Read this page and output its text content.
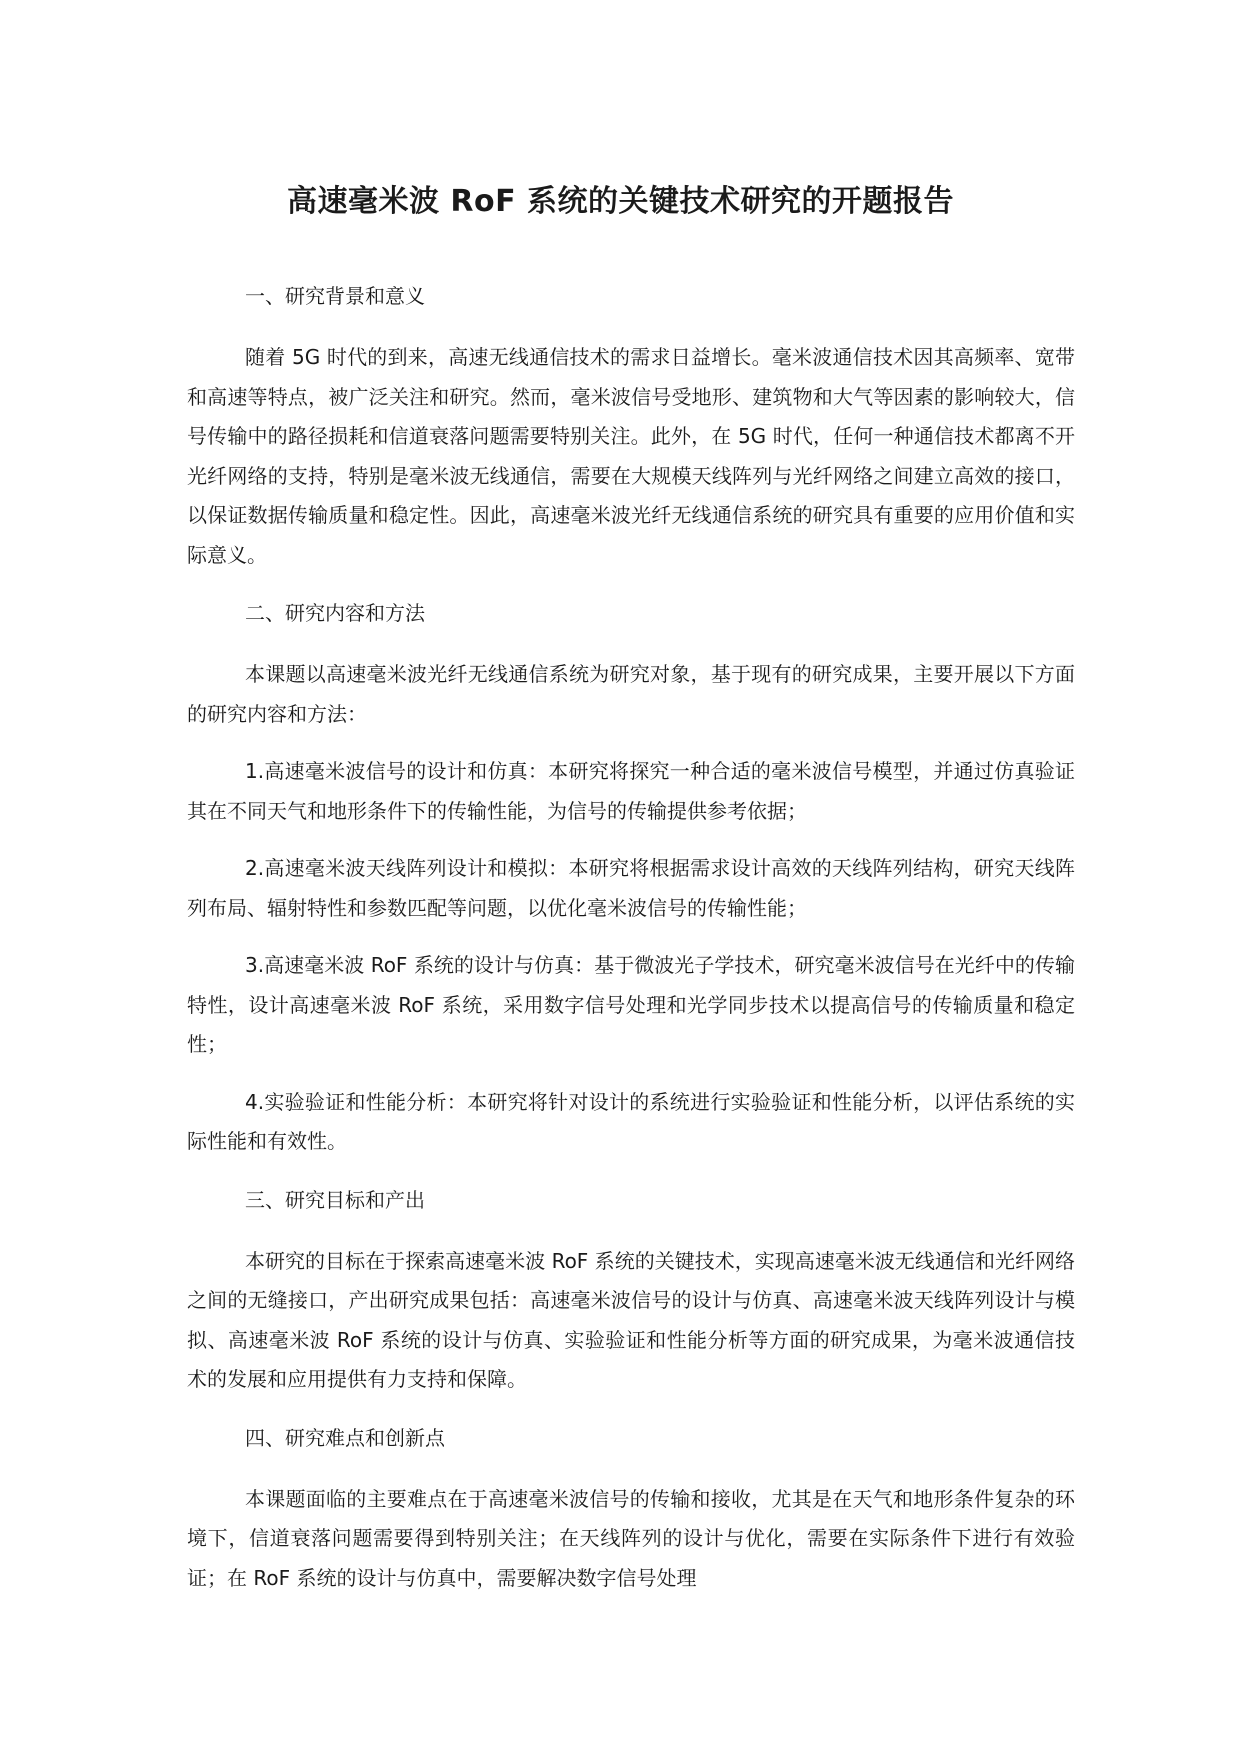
高速毫米波 RoF 系统的关键技术研究的开题报告
一、研究背景和意义

随着 5G 时代的到来，高速无线通信技术的需求日益增长。毫米波通信技术因其高频率、宽带和高速等特点，被广泛关注和研究。然而，毫米波信号受地形、建筑物和大气等因素的影响较大，信号传输中的路径损耗和信道衰落问题需要特别关注。此外，在 5G 时代，任何一种通信技术都离不开光纤网络的支持，特别是毫米波无线通信，需要在大规模天线阵列与光纤网络之间建立高效的接口，以保证数据传输质量和稳定性。因此，高速毫米波光纤无线通信系统的研究具有重要的应用价值和实际意义。

二、研究内容和方法

本课题以高速毫米波光纤无线通信系统为研究对象，基于现有的研究成果，主要开展以下方面的研究内容和方法：

1.高速毫米波信号的设计和仿真：本研究将探究一种合适的毫米波信号模型，并通过仿真验证其在不同天气和地形条件下的传输性能，为信号的传输提供参考依据；

2.高速毫米波天线阵列设计和模拟：本研究将根据需求设计高效的天线阵列结构，研究天线阵列布局、辐射特性和参数匹配等问题，以优化毫米波信号的传输性能；

3.高速毫米波 RoF 系统的设计与仿真：基于微波光子学技术，研究毫米波信号在光纤中的传输特性，设计高速毫米波 RoF 系统，采用数字信号处理和光学同步技术以提高信号的传输质量和稳定性；

4.实验验证和性能分析：本研究将针对设计的系统进行实验验证和性能分析，以评估系统的实际性能和有效性。

三、研究目标和产出

本研究的目标在于探索高速毫米波 RoF 系统的关键技术，实现高速毫米波无线通信和光纤网络之间的无缝接口，产出研究成果包括：高速毫米波信号的设计与仿真、高速毫米波天线阵列设计与模拟、高速毫米波 RoF 系统的设计与仿真、实验验证和性能分析等方面的研究成果，为毫米波通信技术的发展和应用提供有力支持和保障。

四、研究难点和创新点

本课题面临的主要难点在于高速毫米波信号的传输和接收，尤其是在天气和地形条件复杂的环境下，信道衰落问题需要得到特别关注；在天线阵列的设计与优化，需要在实际条件下进行有效验证；在 RoF 系统的设计与仿真中，需要解决数字信号处理
